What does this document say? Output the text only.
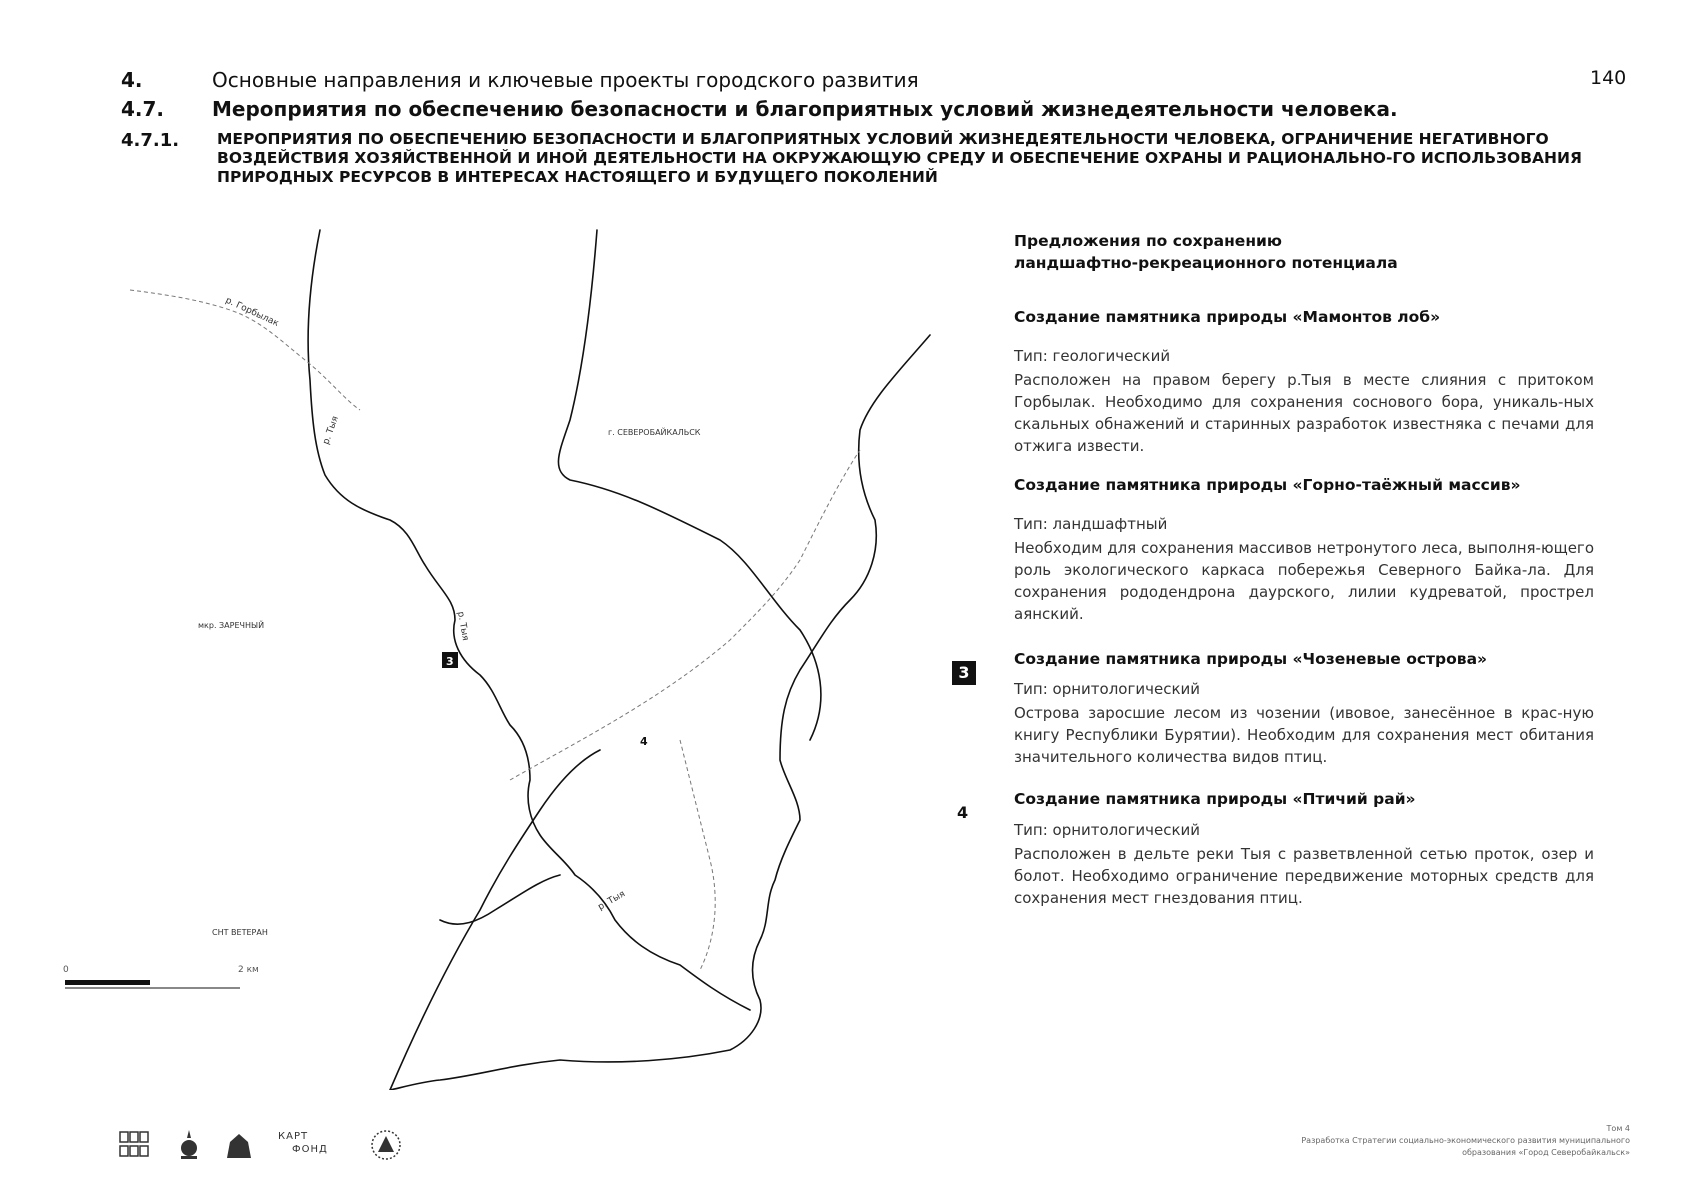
4.	Основные направления и ключевые проекты городского развития	140
4.7. Мероприятия по обеспечению безопасности и благоприятных условий жизнедеятельности человека.
4.7.1. МЕРОПРИЯТИЯ ПО ОБЕСПЕЧЕНИЮ БЕЗОПАСНОСТИ И БЛАГОПРИЯТНЫХ УСЛОВИЙ ЖИЗНЕДЕЯТЕЛЬНОСТИ ЧЕЛОВЕКА, ОГРАНИЧЕНИЕ НЕГАТИВНОГО ВОЗДЕЙСТВИЯ ХОЗЯЙСТВЕННОЙ И ИНОЙ ДЕЯТЕЛЬНОСТИ НА ОКРУЖАЮЩУЮ СРЕДУ И ОБЕСПЕЧЕНИЕ ОХРАНЫ И РАЦИОНАЛЬНО-ГО ИСПОЛЬЗОВАНИЯ ПРИРОДНЫХ РЕСУРСОВ В ИНТЕРЕСАХ НАСТОЯЩЕГО И БУДУЩЕГО ПОКОЛЕНИЙ
р. Горбылак
р. Тыя
р. Тыя
р. Тыя
г. СЕВЕРОБАЙКАЛЬСК
мкр. ЗАРЕЧНЫЙ
СНТ ВЕТЕРАН
3
4
0	2 км
Предложения по сохранению
ландшафтно-рекреационного потенциала
Создание памятника природы «Мамонтов лоб»
Тип: геологический
Расположен на правом берегу р.Тыя в месте слияния с притоком Горбылак. Необходимо для сохранения соснового бора, уникаль-ных скальных обнажений и старинных разработок известняка с печами для отжига извести.
Создание памятника природы «Горно-таёжный массив»
Тип: ландшафтный
Необходим для сохранения массивов нетронутого леса, выполня-ющего роль экологического каркаса побережья Северного Байка-ла. Для сохранения рододендрона даурского, лилии кудреватой, прострел аянский.
3
Создание памятника природы «Чозеневые острова»
Тип: орнитологический
Острова заросшие лесом из чозении (ивовое, занесённое в крас-ную книгу Республики Бурятии). Необходим для сохранения мест обитания значительного количества видов птиц.
4
Создание памятника природы «Птичий рай»
Тип: орнитологический
Расположен в дельте реки Тыя с разветвленной сетью проток, озер и болот. Необходимо ограничение передвижение моторных средств для сохранения мест гнездования птиц.
КАРТ
ФОНД
Том 4
Разработка Стратегии социально-экономического развития муниципального
образования «Город Северобайкальск»
